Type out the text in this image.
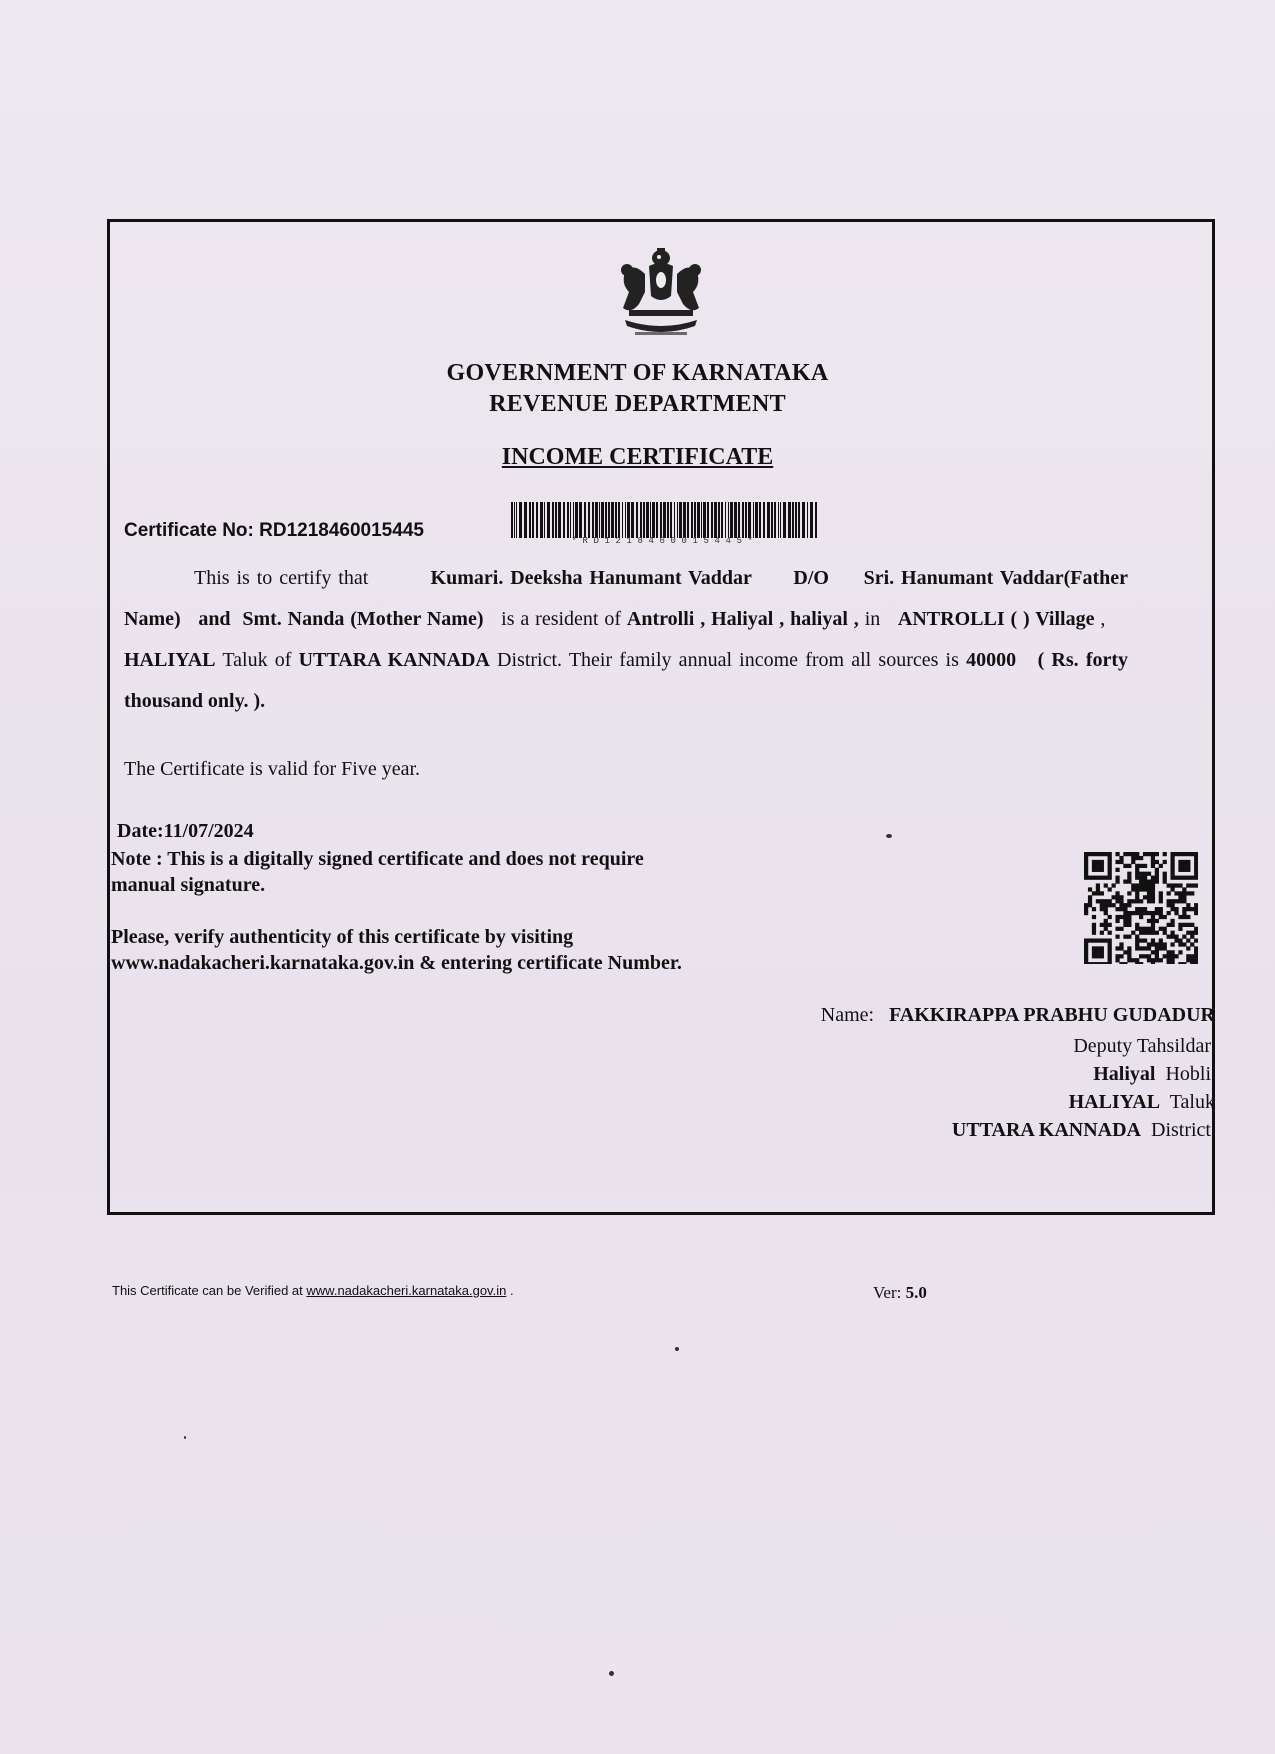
GOVERNMENT OF KARNATAKA
REVENUE DEPARTMENT
INCOME CERTIFICATE
Certificate No: RD1218460015445	*RD1218460015445*
This is to certify that	Kumari. Deeksha Hanumant Vaddar D/O Sri. Hanumant Vaddar(Father Name) and Smt. Nanda (Mother Name) is a resident of Antrolli , Haliyal , haliyal , in ANTROLLI ( ) Village ,     HALIYAL Taluk of UTTARA KANNADA District. Their family annual income from all sources is 40000 ( Rs. forty thousand only. ).
The Certificate is valid for Five year.
Date:11/07/2024
Note : This is a digitally signed certificate and does not require manual signature.
Please, verify authenticity of this certificate by visiting www.nadakacheri.karnataka.gov.in & entering certificate Number.
Name: FAKKIRAPPA PRABHU GUDADUR
Deputy Tahsildar
Haliyal Hobli
HALIYAL Taluk
UTTARA KANNADA District
This Certificate can be Verified at www.nadakacheri.karnataka.gov.in .	Ver: 5.0
